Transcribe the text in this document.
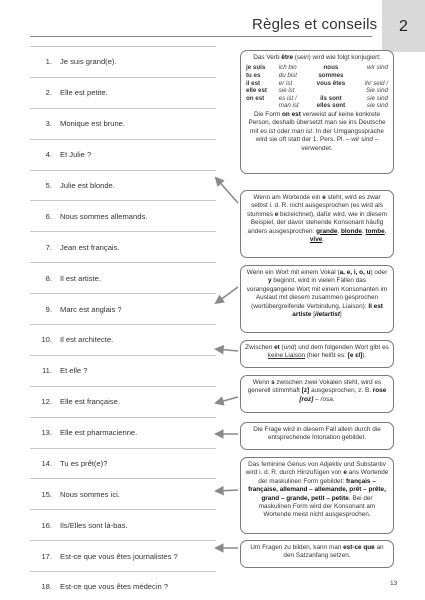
Règles et conseils	2
1. Je suis grand(e).
2. Elle est petite.
3. Monique est brune.
4. Et Julie ?
5. Julie est blonde.
6. Nous sommes allemands.
7. Jean est français.
8. Il est artiste.
9. Marc est anglais ?
10. Il est architecte.
11. Et elle ?
12. Elle est française.
13. Elle est pharmacienne.
14. Tu es prêt(e)?
15. Nous sommes ici.
16. Ils/Elles sont là-bas.
17. Est-ce que vous êtes journalistes ?
18. Est-ce que vous êtes médecin ?
Das Verb être (sein) wird wie folgt konjugiert:
je suis	ich bin	nous	wir sind
tu es	du bist	sommes	
il est	er ist	vous êtes	ihr seid /
elle est	sie ist		Sie sind
on est	es ist /	ils sont	sie sind
	man ist	elles sont	sie sind
Die Form on est verweist auf keine konkrete Person, deshalb übersetzt man sie ins Deutsche mit es ist oder man ist. In der Umgangssprache wird sie oft statt der 1. Pers. Pl. – wir sind – verwendet.
Wenn am Wortende ein e steht, wird es zwar selbst i. d. R. nicht ausgesprochen (es wird als stummes e bezeichnet), dafür wird, wie in diesem Beispiel, der davor stehende Konsonant häufig anders ausgesprochen: grande, blonde, tombe, vive.
Wenn ein Wort mit einem Vokal (a, e, i, o, u) oder y beginnt, wird in vielen Fällen das vorangegangene Wort mit einem Konsonanten im Auslaut mit diesem zusammen gesprochen (wortübergreifende Verbindung, Liaison): Il est artiste [iletartist]
Zwischen et (und) und dem folgenden Wort gibt es keine Liaison (hier heißt es: [e ɛl]).
Wenn s zwischen zwei Vokalen steht, wird es generell stimmhaft [z] ausgesprochen, z. B. rose [roz] – rosa.
Die Frage wird in diesem Fall allein durch die entsprechende Intonation gebildet.
Das feminine Genus von Adjektiv und Substantiv wird i. d. R. durch Hinzufügen von e ans Wortende der maskulinen Form gebildet: français – française, allemand – allemande, prêt – prête, grand – grande, petit – petite. Bei der maskulinen Form wird der Konsonant am Wortende meist nicht ausgesprochen.
Um Fragen zu bilden, kann man est-ce que an den Satzanfang setzen.
13
